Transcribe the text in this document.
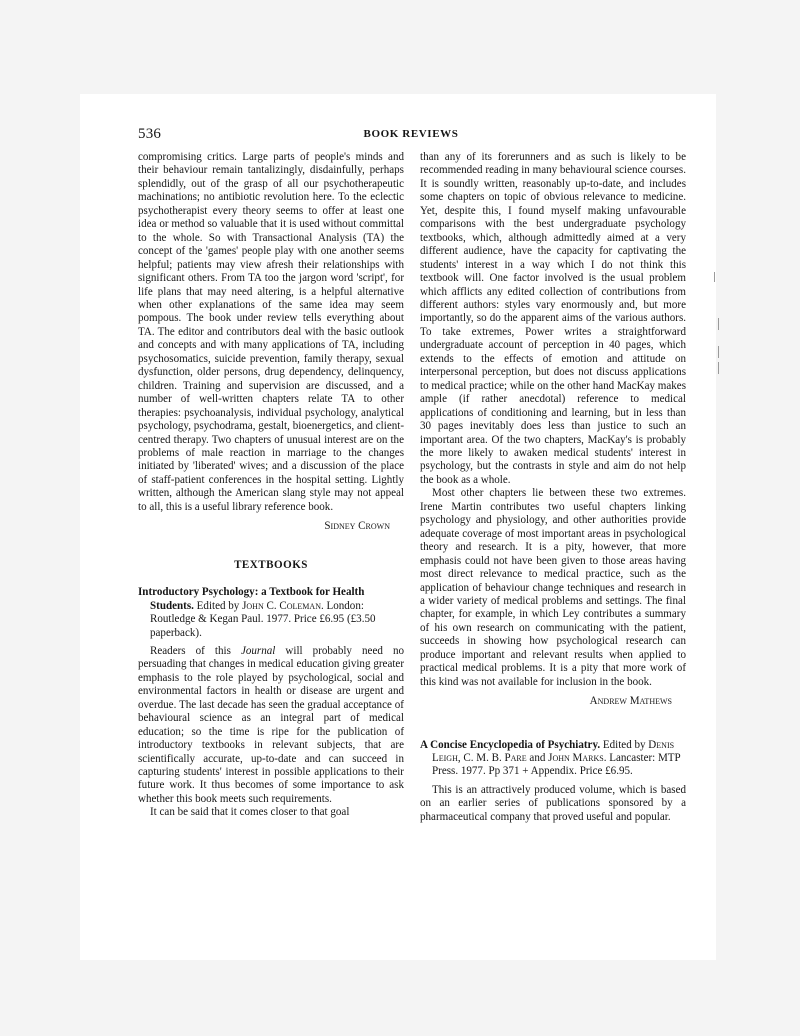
536	BOOK REVIEWS

compromising critics. Large parts of people's minds and their behaviour remain tantalizingly, disdainfully, perhaps splendidly, out of the grasp of all our psychotherapeutic machinations; no antibiotic revolution here. To the eclectic psychotherapist every theory seems to offer at least one idea or method so valuable that it is used without committal to the whole. So with Transactional Analysis (TA) the concept of the 'games' people play with one another seems helpful; patients may view afresh their relationships with significant others. From TA too the jargon word 'script', for life plans that may need altering, is a helpful alternative when other explanations of the same idea may seem pompous. The book under review tells everything about TA. The editor and contributors deal with the basic outlook and concepts and with many applications of TA, including psychosomatics, suicide prevention, family therapy, sexual dysfunction, older persons, drug dependency, delinquency, children. Training and supervision are discussed, and a number of well-written chapters relate TA to other therapies: psychoanalysis, individual psychology, analytical psychology, psychodrama, gestalt, bioenergetics, and client-centred therapy. Two chapters of unusual interest are on the problems of male reaction in marriage to the changes initiated by 'liberated' wives; and a discussion of the place of staff-patient conferences in the hospital setting. Lightly written, although the American slang style may not appeal to all, this is a useful library reference book.

Sidney Crown

TEXTBOOKS

Introductory Psychology: a Textbook for Health Students. Edited by John C. Coleman. London: Routledge & Kegan Paul. 1977. Price £6.95 (£3.50 paperback).

Readers of this Journal will probably need no persuading that changes in medical education giving greater emphasis to the role played by psychological, social and environmental factors in health or disease are urgent and overdue. The last decade has seen the gradual acceptance of behavioural science as an integral part of medical education; so the time is ripe for the publication of introductory textbooks in relevant subjects, that are scientifically accurate, up-to-date and can succeed in capturing students' interest in possible applications to their future work. It thus becomes of some importance to ask whether this book meets such requirements.

It can be said that it comes closer to that goal

than any of its forerunners and as such is likely to be recommended reading in many behavioural science courses. It is soundly written, reasonably up-to-date, and includes some chapters on topic of obvious relevance to medicine. Yet, despite this, I found myself making unfavourable comparisons with the best undergraduate psychology textbooks, which, although admittedly aimed at a very different audience, have the capacity for captivating the students' interest in a way which I do not think this textbook will. One factor involved is the usual problem which afflicts any edited collection of contributions from different authors: styles vary enormously and, but more importantly, so do the apparent aims of the various authors. To take extremes, Power writes a straightforward undergraduate account of perception in 40 pages, which extends to the effects of emotion and attitude on interpersonal perception, but does not discuss applications to medical practice; while on the other hand MacKay makes ample (if rather anecdotal) reference to medical applications of conditioning and learning, but in less than 30 pages inevitably does less than justice to such an important area. Of the two chapters, MacKay's is probably the more likely to awaken medical students' interest in psychology, but the contrasts in style and aim do not help the book as a whole.

Most other chapters lie between these two extremes. Irene Martin contributes two useful chapters linking psychology and physiology, and other authorities provide adequate coverage of most important areas in psychological theory and research. It is a pity, however, that more emphasis could not have been given to those areas having most direct relevance to medical practice, such as the application of behaviour change techniques and research in a wider variety of medical problems and settings. The final chapter, for example, in which Ley contributes a summary of his own research on communicating with the patient, succeeds in showing how psychological research can produce important and relevant results when applied to practical medical problems. It is a pity that more work of this kind was not available for inclusion in the book.

Andrew Mathews

A Concise Encyclopedia of Psychiatry. Edited by Denis Leigh, C. M. B. Pare and John Marks. Lancaster: MTP Press. 1977. Pp 371 + Appendix. Price £6.95.

This is an attractively produced volume, which is based on an earlier series of publications sponsored by a pharmaceutical company that proved useful and popular.
